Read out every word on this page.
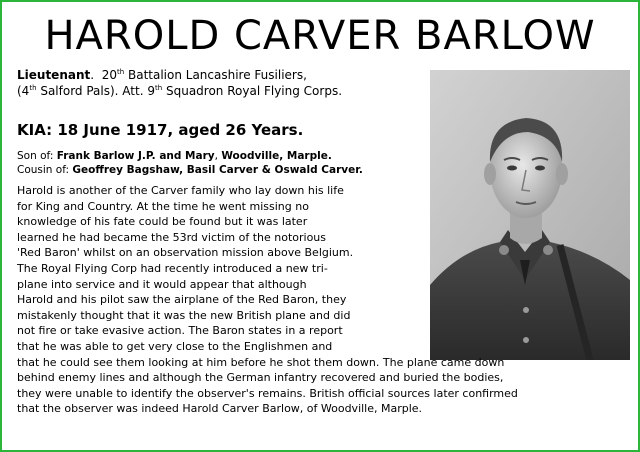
HAROLD CARVER BARLOW
Lieutenant.  20th Battalion Lancashire Fusiliers,
(4th Salford Pals). Att. 9th Squadron Royal Flying Corps.
KIA: 18 June 1917, aged 26 Years.
Son of: Frank Barlow J.P. and Mary, Woodville, Marple.
Cousin of: Geoffrey Bagshaw, Basil Carver & Oswald Carver.
Harold is another of the Carver family who lay down his life
for King and Country. At the time he went missing no
knowledge of his fate could be found but it was later
learned he had became the 53rd victim of the notorious
'Red Baron' whilst on an observation mission above Belgium.
The Royal Flying Corp had recently introduced a new tri-
plane into service and it would appear that although
Harold and his pilot saw the airplane of the Red Baron, they
mistakenly thought that it was the new British plane and did
not fire or take evasive action. The Baron states in a report
that he was able to get very close to the Englishmen and
that he could see them looking at him before he shot them down. The plane came down
behind enemy lines and although the German infantry recovered and buried the bodies,
they were unable to identify the observer's remains. British official sources later confirmed
that the observer was indeed Harold Carver Barlow, of Woodville, Marple.
